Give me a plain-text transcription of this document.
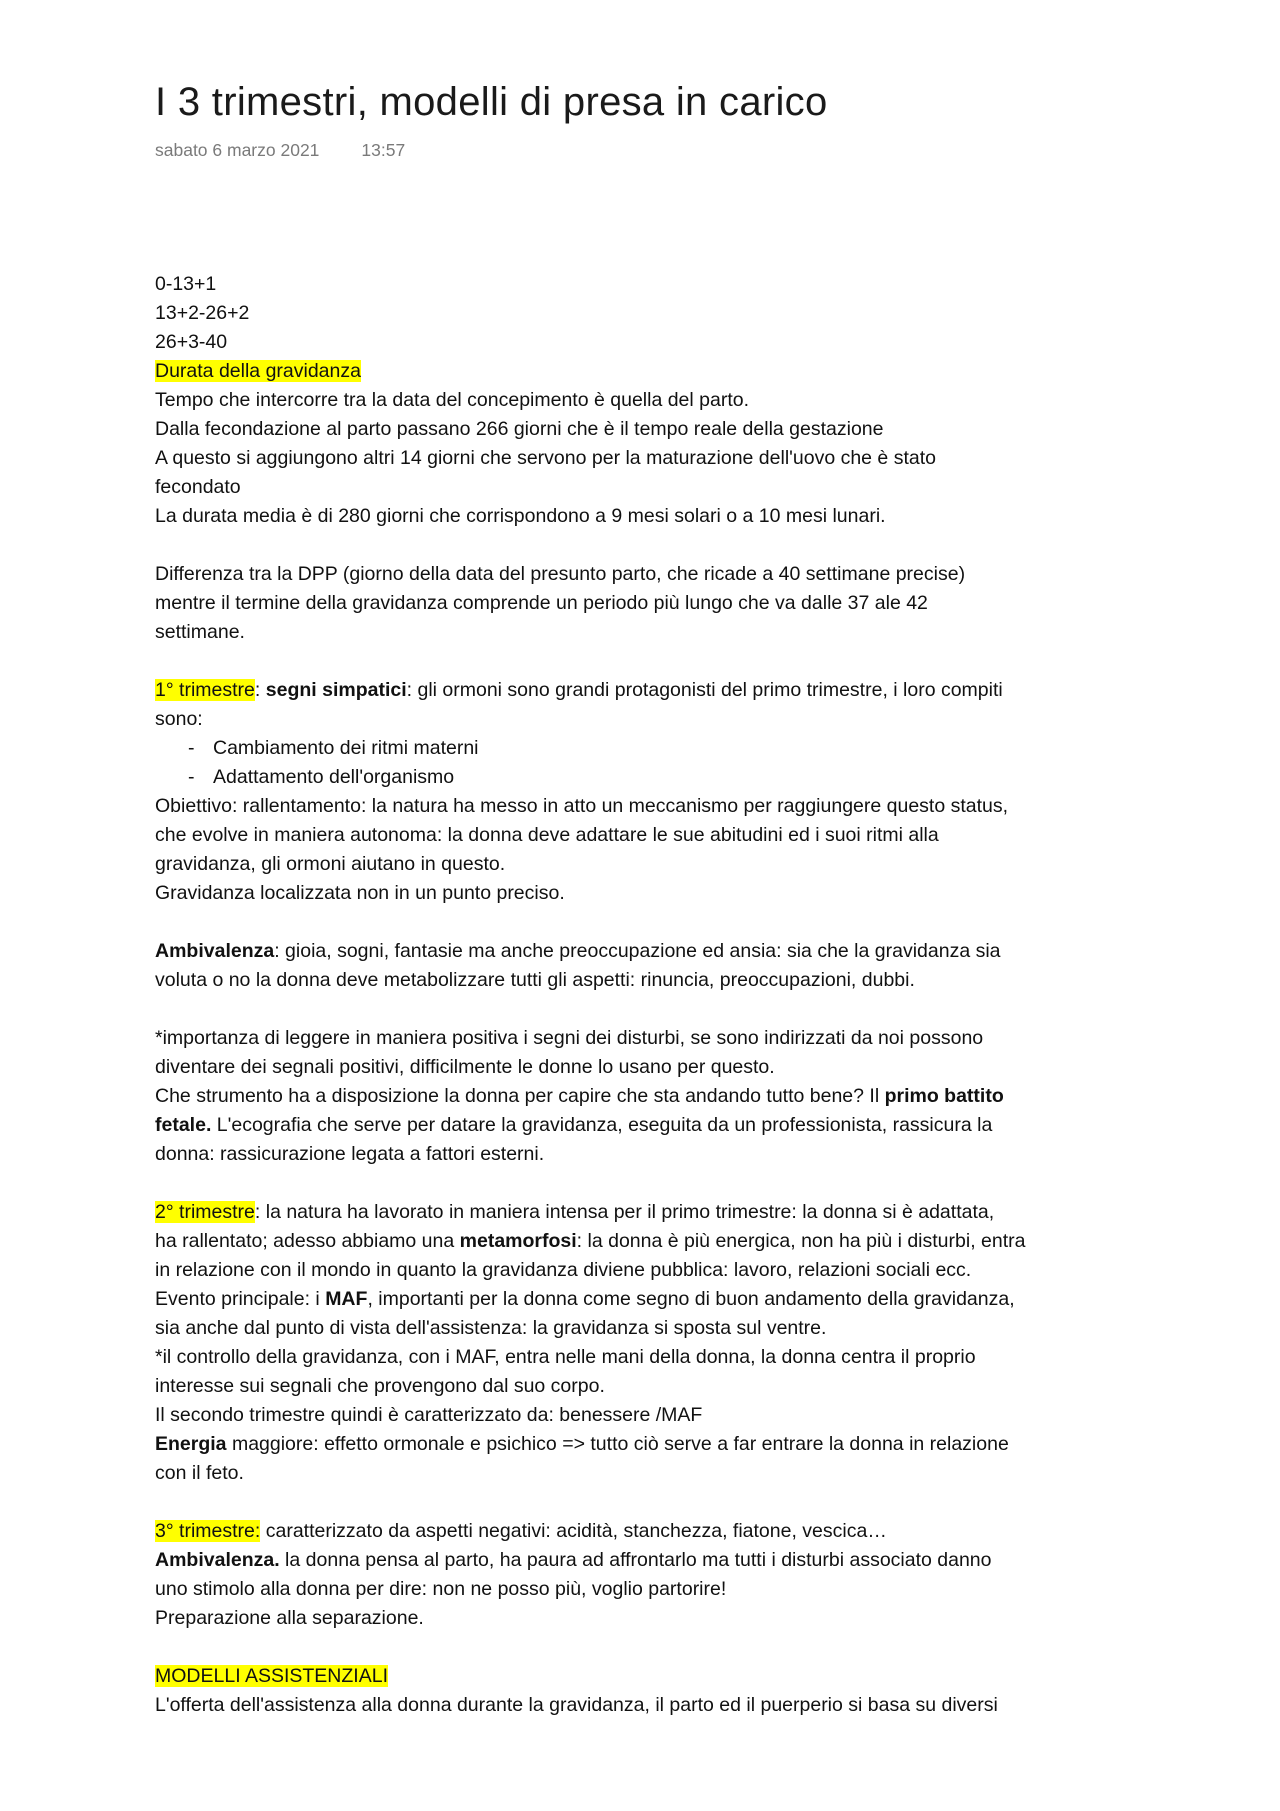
I 3 trimestri, modelli di presa in carico
sabato 6 marzo 2021 13:57
0-13+1
13+2-26+2
26+3-40
Durata della gravidanza
Tempo che intercorre tra la data del concepimento è quella del parto.
Dalla fecondazione al parto passano 266 giorni che è il tempo reale della gestazione
A questo si aggiungono altri 14 giorni che servono per la maturazione dell'uovo che è stato
fecondato
La durata media è di 280 giorni che corrispondono a 9 mesi solari o a 10 mesi lunari.
Differenza tra la DPP (giorno della data del presunto parto, che ricade a 40 settimane precise)
mentre il termine della gravidanza comprende un periodo più lungo che va dalle 37 ale 42
settimane.
1° trimestre: segni simpatici: gli ormoni sono grandi protagonisti del primo trimestre, i loro compiti
sono:
- Cambiamento dei ritmi materni
- Adattamento dell'organismo
Obiettivo: rallentamento: la natura ha messo in atto un meccanismo per raggiungere questo status,
che evolve in maniera autonoma: la donna deve adattare le sue abitudini ed i suoi ritmi alla
gravidanza, gli ormoni aiutano in questo.
Gravidanza localizzata non in un punto preciso.
Ambivalenza: gioia, sogni, fantasie ma anche preoccupazione ed ansia: sia che la gravidanza sia
voluta o no la donna deve metabolizzare tutti gli aspetti: rinuncia, preoccupazioni, dubbi.
*importanza di leggere in maniera positiva i segni dei disturbi, se sono indirizzati da noi possono
diventare dei segnali positivi, difficilmente le donne lo usano per questo.
Che strumento ha a disposizione la donna per capire che sta andando tutto bene? Il primo battito
fetale. L'ecografia che serve per datare la gravidanza, eseguita da un professionista, rassicura la
donna: rassicurazione legata a fattori esterni.
2° trimestre: la natura ha lavorato in maniera intensa per il primo trimestre: la donna si è adattata,
ha rallentato; adesso abbiamo una metamorfosi: la donna è più energica, non ha più i disturbi, entra
in relazione con il mondo in quanto la gravidanza diviene pubblica: lavoro, relazioni sociali ecc.
Evento principale: i MAF, importanti per la donna come segno di buon andamento della gravidanza,
sia anche dal punto di vista dell'assistenza: la gravidanza si sposta sul ventre.
*il controllo della gravidanza, con i MAF, entra nelle mani della donna, la donna centra il proprio
interesse sui segnali che provengono dal suo corpo.
Il secondo trimestre quindi è caratterizzato da: benessere /MAF
Energia maggiore: effetto ormonale e psichico => tutto ciò serve a far entrare la donna in relazione
con il feto.
3° trimestre: caratterizzato da aspetti negativi: acidità, stanchezza, fiatone, vescica…
Ambivalenza. la donna pensa al parto, ha paura ad affrontarlo ma tutti i disturbi associato danno
uno stimolo alla donna per dire: non ne posso più, voglio partorire!
Preparazione alla separazione.
MODELLI ASSISTENZIALI
L'offerta dell'assistenza alla donna durante la gravidanza, il parto ed il puerperio si basa su diversi
